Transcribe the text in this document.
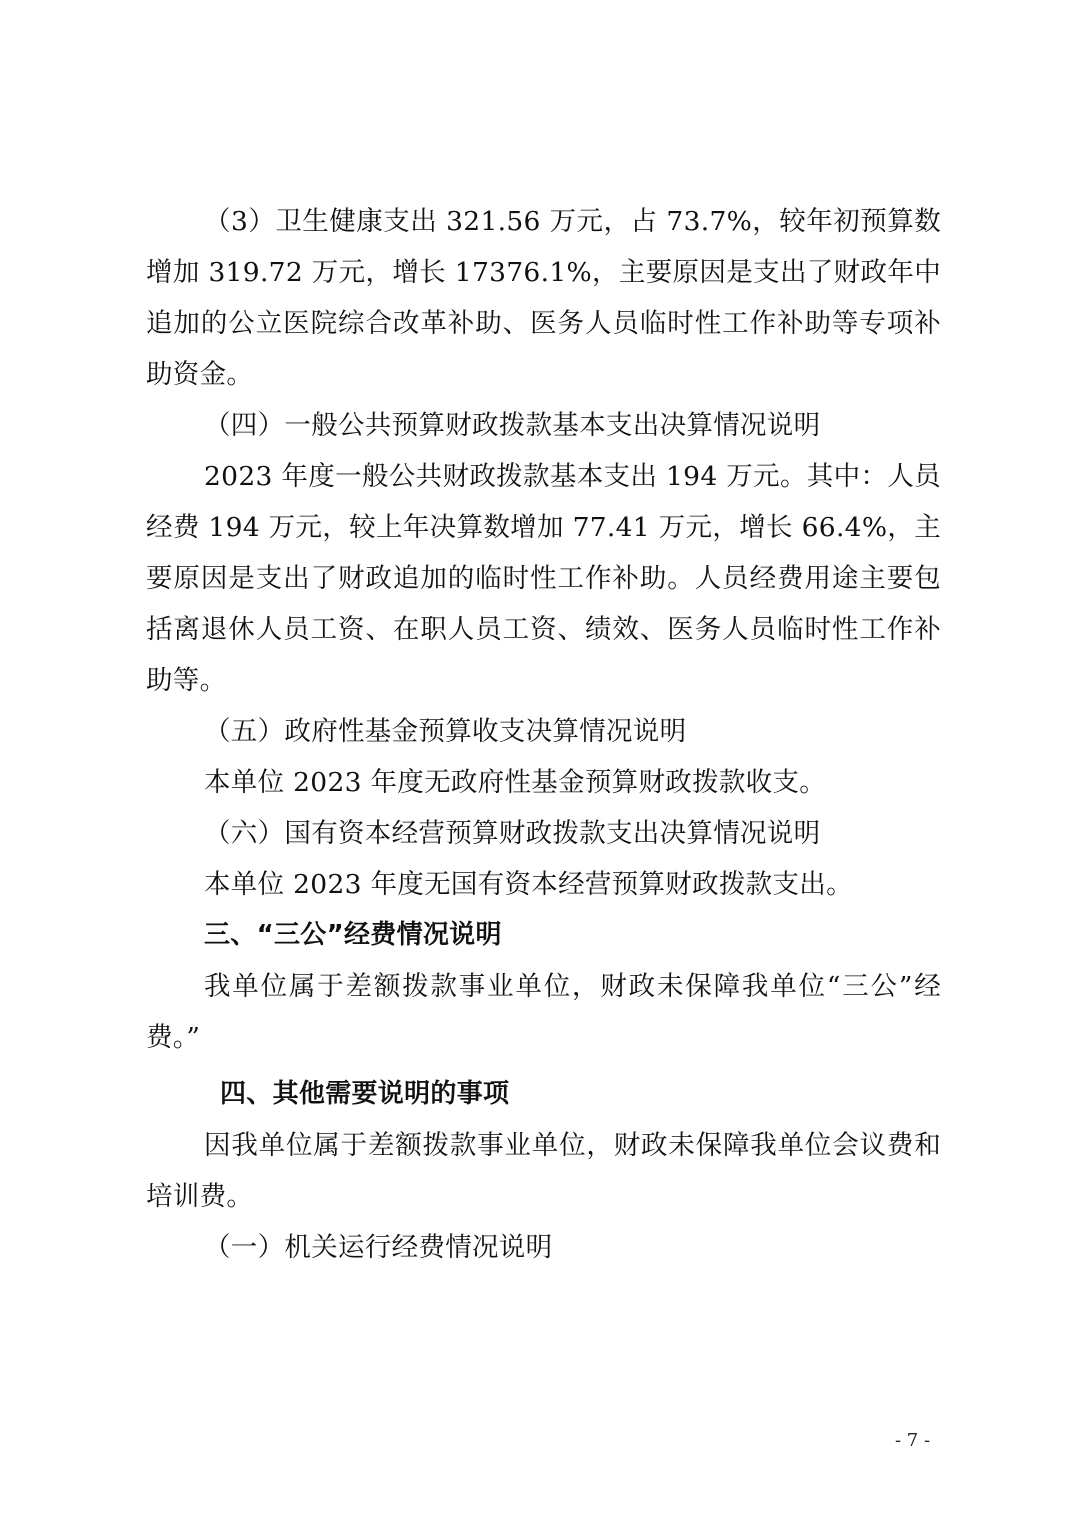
（3）卫生健康支出 321.56 万元，占 73.7%，较年初预算数增加 319.72 万元，增长 17376.1%，主要原因是支出了财政年中追加的公立医院综合改革补助、医务人员临时性工作补助等专项补助资金。

（四）一般公共预算财政拨款基本支出决算情况说明

2023 年度一般公共财政拨款基本支出 194 万元。其中：人员经费 194 万元，较上年决算数增加 77.41 万元，增长 66.4%，主要原因是支出了财政追加的临时性工作补助。人员经费用途主要包括离退休人员工资、在职人员工资、绩效、医务人员临时性工作补助等。

（五）政府性基金预算收支决算情况说明

本单位 2023 年度无政府性基金预算财政拨款收支。

（六）国有资本经营预算财政拨款支出决算情况说明

本单位 2023 年度无国有资本经营预算财政拨款支出。

三、“三公”经费情况说明

我单位属于差额拨款事业单位，财政未保障我单位“三公”经费。”

四、其他需要说明的事项

因我单位属于差额拨款事业单位，财政未保障我单位会议费和培训费。

（一）机关运行经费情况说明

- 7 -
